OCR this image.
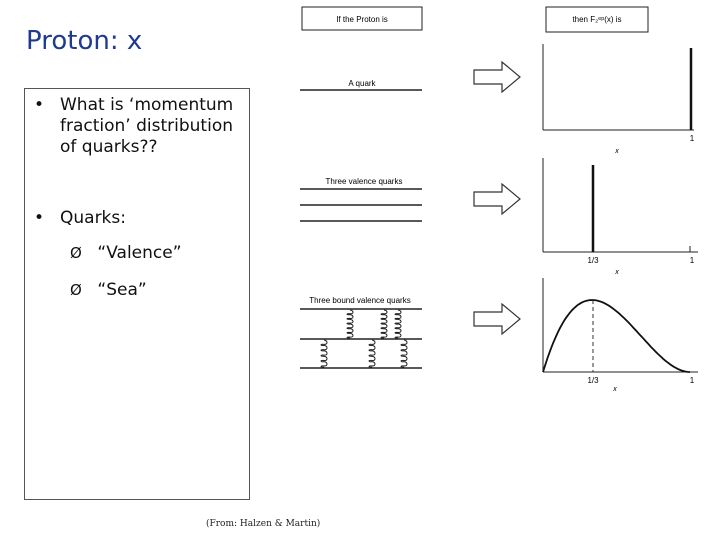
Proton: x
• What is ‘momentum fraction’ distribution of quarks??
• Quarks:
Ø “Valence”
Ø “Sea”
If the Proton is	then F₂ᵉᵖ(x) is
A quark
Three valence quarks
Three bound valence quarks
1
x
1/3	1
x
1/3	1
x
(From: Halzen & Martin)
